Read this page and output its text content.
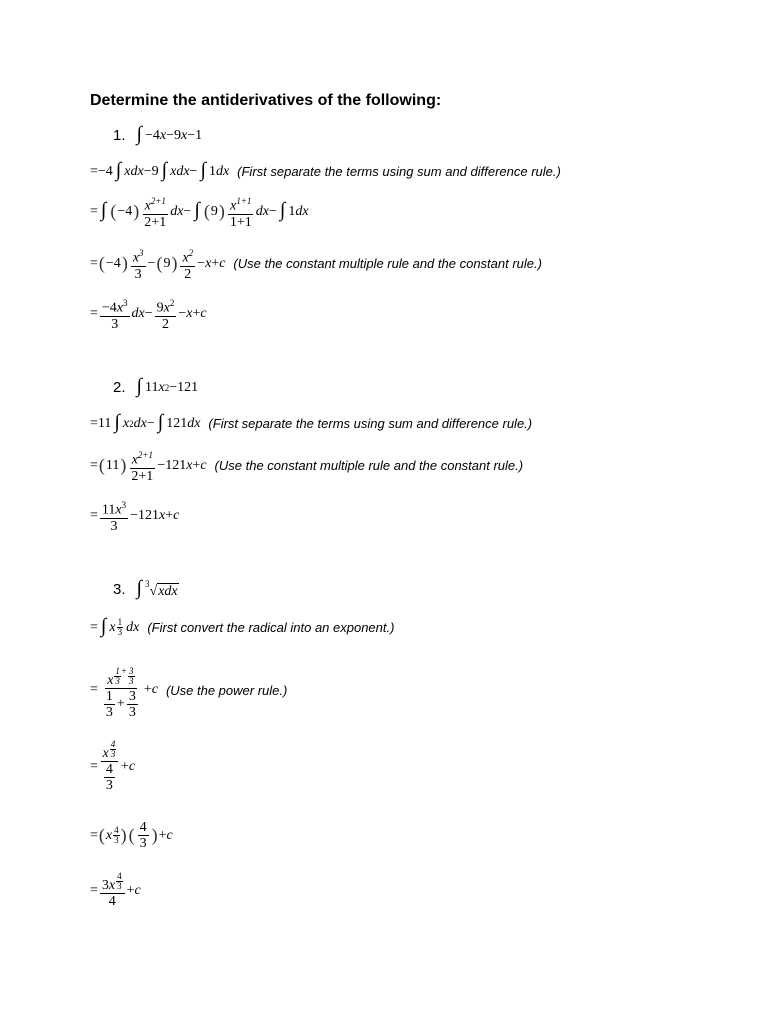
Determine the antiderivatives of the following:
1. ∫ −4 x −9 x −1
=−4 ∫ xdx −9 ∫ xdx − ∫ 1 dx (First separate the terms using sum and difference rule.)
= ∫ ( −4 ) $\frac{x^{2+1}}{2+1}$ dx − ∫ ( 9 ) $\frac{x^{1+1}}{1+1}$ dx − ∫ 1 dx
= ( −4 ) $\frac{x^3}{3}$ − ( 9 ) $\frac{x^2}{2} - x + c$ (Use the constant multiple rule and the constant rule.)
= $\frac{-4x^3}{3}$ dx − $\frac{9x^2}{2} - x + c$
2. ∫ 11 x 2 −121
=11 ∫ x 2 dx − ∫ 121 dx (First separate the terms using sum and difference rule.)
= ( 11 ) $\frac{x^{2+1}}{2+1} -121$ x + c (Use the constant multiple rule and the constant rule.)
= $\frac{11x^3}{3} -121$ x + c
3. ∫ $^3$√xdx
= ∫ x 1
3 dx (First convert the radical into an exponent.)
= $\frac{x \frac{1}{3} ^+ \frac{3}{3}}{\frac{1}{3} + \frac{3}{3}} + c$ (Use the power rule.)
= $\frac{x \frac{4}{3}}{\frac{4}{3}} + c$
= ( x 4
3 ) ( $\frac{4}{3}$ ) + c
= $\frac{3x \frac{4}{3}}{4} + c$
